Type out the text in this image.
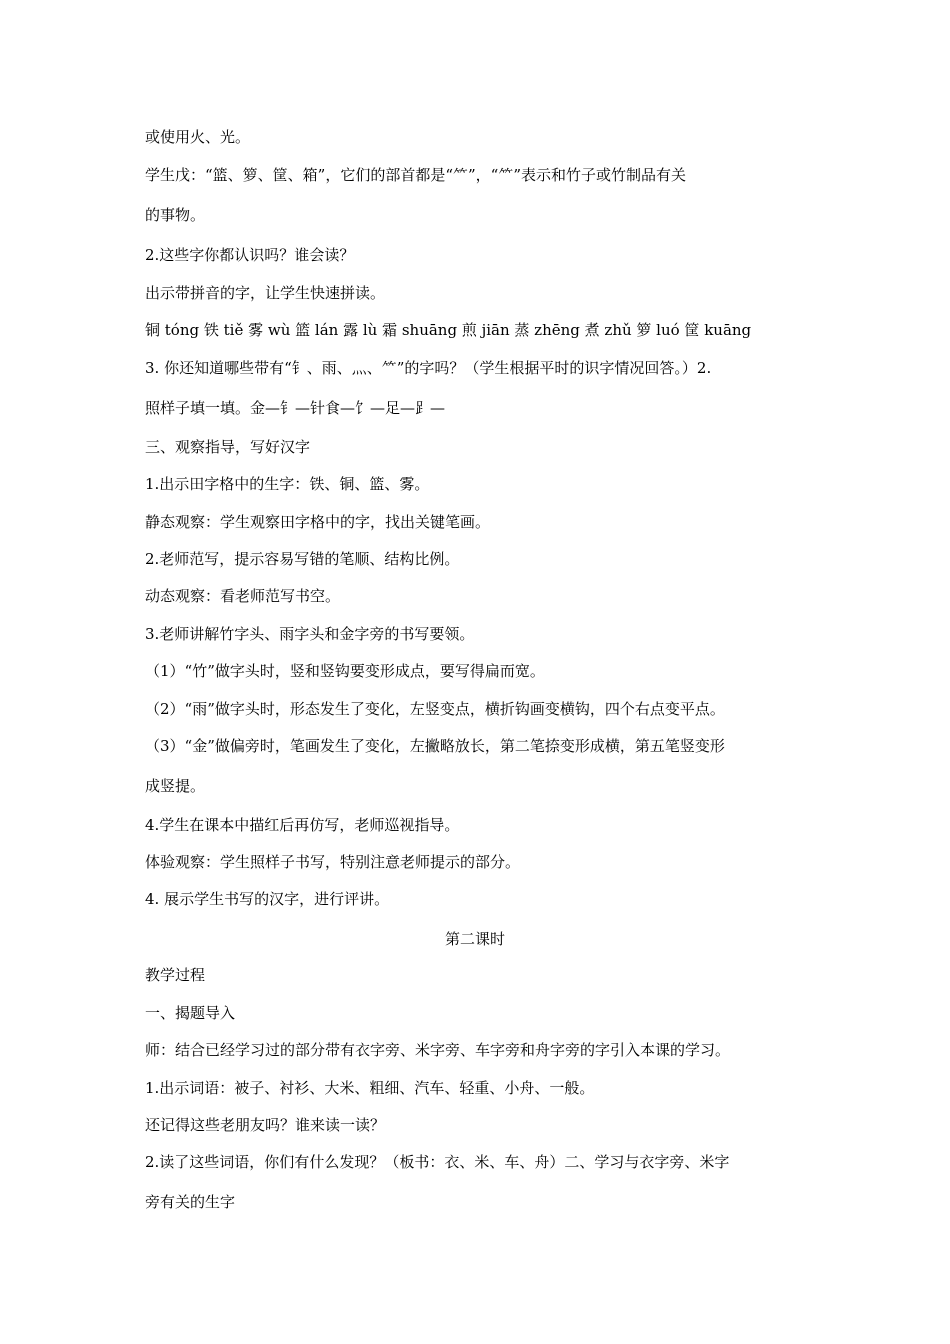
或使用火、光。
学生戊：“篮、箩、筐、箱”，它们的部首都是“⺮”，“⺮”表示和竹子或竹制品有关
的事物。
2.这些字你都认识吗？谁会读？
出示带拼音的字，让学生快速拼读。
铜 tóng 铁 tiě 雾 wù 篮 lán 露 lù 霜 shuāng 煎 jiān 蒸 zhēng 煮 zhǔ 箩 luó 筐 kuāng
3. 你还知道哪些带有“钅、雨、灬、⺮”的字吗？（学生根据平时的识字情况回答。）2.
照样子填一填。金—钅—针食—饣—足—⻊—
三、观察指导，写好汉字
1.出示田字格中的生字：铁、铜、篮、雾。
静态观察：学生观察田字格中的字，找出关键笔画。
2.老师范写，提示容易写错的笔顺、结构比例。
动态观察：看老师范写书空。
3.老师讲解竹字头、雨字头和金字旁的书写要领。
（1）“竹”做字头时，竖和竖钩要变形成点，要写得扁而宽。
（2）“雨”做字头时，形态发生了变化，左竖变点，横折钩画变横钩，四个右点变平点。
（3）“金”做偏旁时，笔画发生了变化，左撇略放长，第二笔捺变形成横，第五笔竖变形
成竖提。
4.学生在课本中描红后再仿写，老师巡视指导。
体验观察：学生照样子书写，特别注意老师提示的部分。
4. 展示学生书写的汉字，进行评讲。
第二课时
教学过程
一、揭题导入
师：结合已经学习过的部分带有衣字旁、米字旁、车字旁和舟字旁的字引入本课的学习。
1.出示词语：被子、衬衫、大米、粗细、汽车、轻重、小舟、一般。
还记得这些老朋友吗？谁来读一读？
2.读了这些词语，你们有什么发现？（板书：衣、米、车、舟）二、学习与衣字旁、米字
旁有关的生字
